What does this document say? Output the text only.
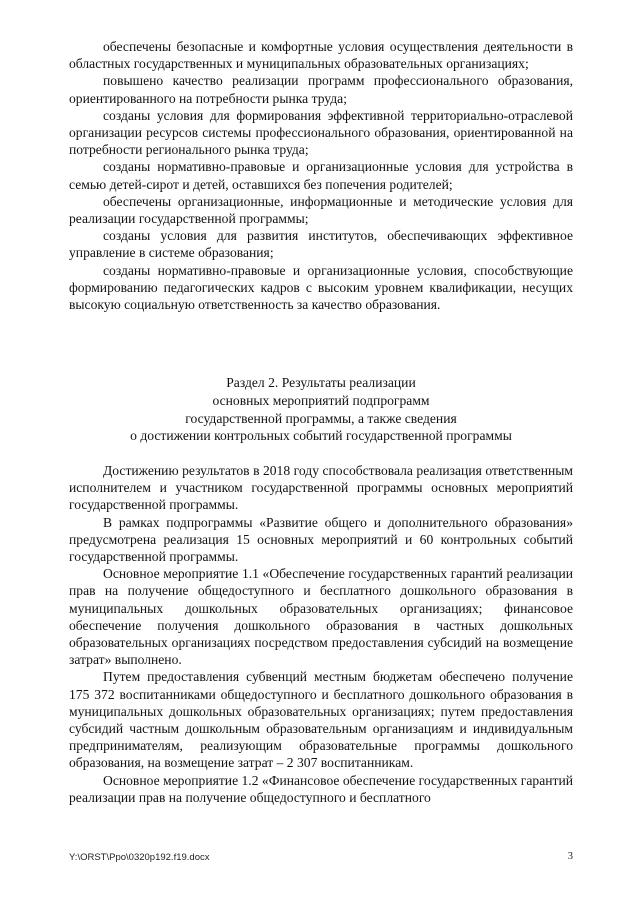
обеспечены безопасные и комфортные условия осуществления деятельности в областных государственных и муниципальных образовательных организациях;

повышено качество реализации программ профессионального образования, ориентированного на потребности рынка труда;

созданы условия для формирования эффективной территориально-отраслевой организации ресурсов системы профессионального образования, ориентированной на потребности регионального рынка труда;

созданы нормативно-правовые и организационные условия для устройства в семью детей-сирот и детей, оставшихся без попечения родителей;

обеспечены организационные, информационные и методические условия для реализации государственной программы;

созданы условия для развития институтов, обеспечивающих эффективное управление в системе образования;

созданы нормативно-правовые и организационные условия, способствующие формированию педагогических кадров с высоким уровнем квалификации, несущих высокую социальную ответственность за качество образования.

Раздел 2. Результаты реализации
основных мероприятий подпрограмм
государственной программы, а также сведения
о достижении контрольных событий государственной программы

Достижению результатов в 2018 году способствовала реализация ответственным исполнителем и участником государственной программы основных мероприятий государственной программы.

В рамках подпрограммы «Развитие общего и дополнительного образования» предусмотрена реализация 15 основных мероприятий и 60 контрольных событий государственной программы.

Основное мероприятие 1.1 «Обеспечение государственных гарантий реализации прав на получение общедоступного и бесплатного дошкольного образования в муниципальных дошкольных образовательных организациях; финансовое обеспечение получения дошкольного образования в частных дошкольных образовательных организациях посредством предоставления субсидий на возмещение затрат» выполнено.

Путем предоставления субвенций местным бюджетам обеспечено получение 175 372 воспитанниками общедоступного и бесплатного дошкольного образования в муниципальных дошкольных образовательных организациях; путем предоставления субсидий частным дошкольным образовательным организациям и индивидуальным предпринимателям, реализующим образовательные программы дошкольного образования, на возмещение затрат – 2 307 воспитанникам.

Основное мероприятие 1.2 «Финансовое обеспечение государственных гарантий реализации прав на получение общедоступного и бесплатного

Y:\ORST\Ppo\0320p192.f19.docx	3
